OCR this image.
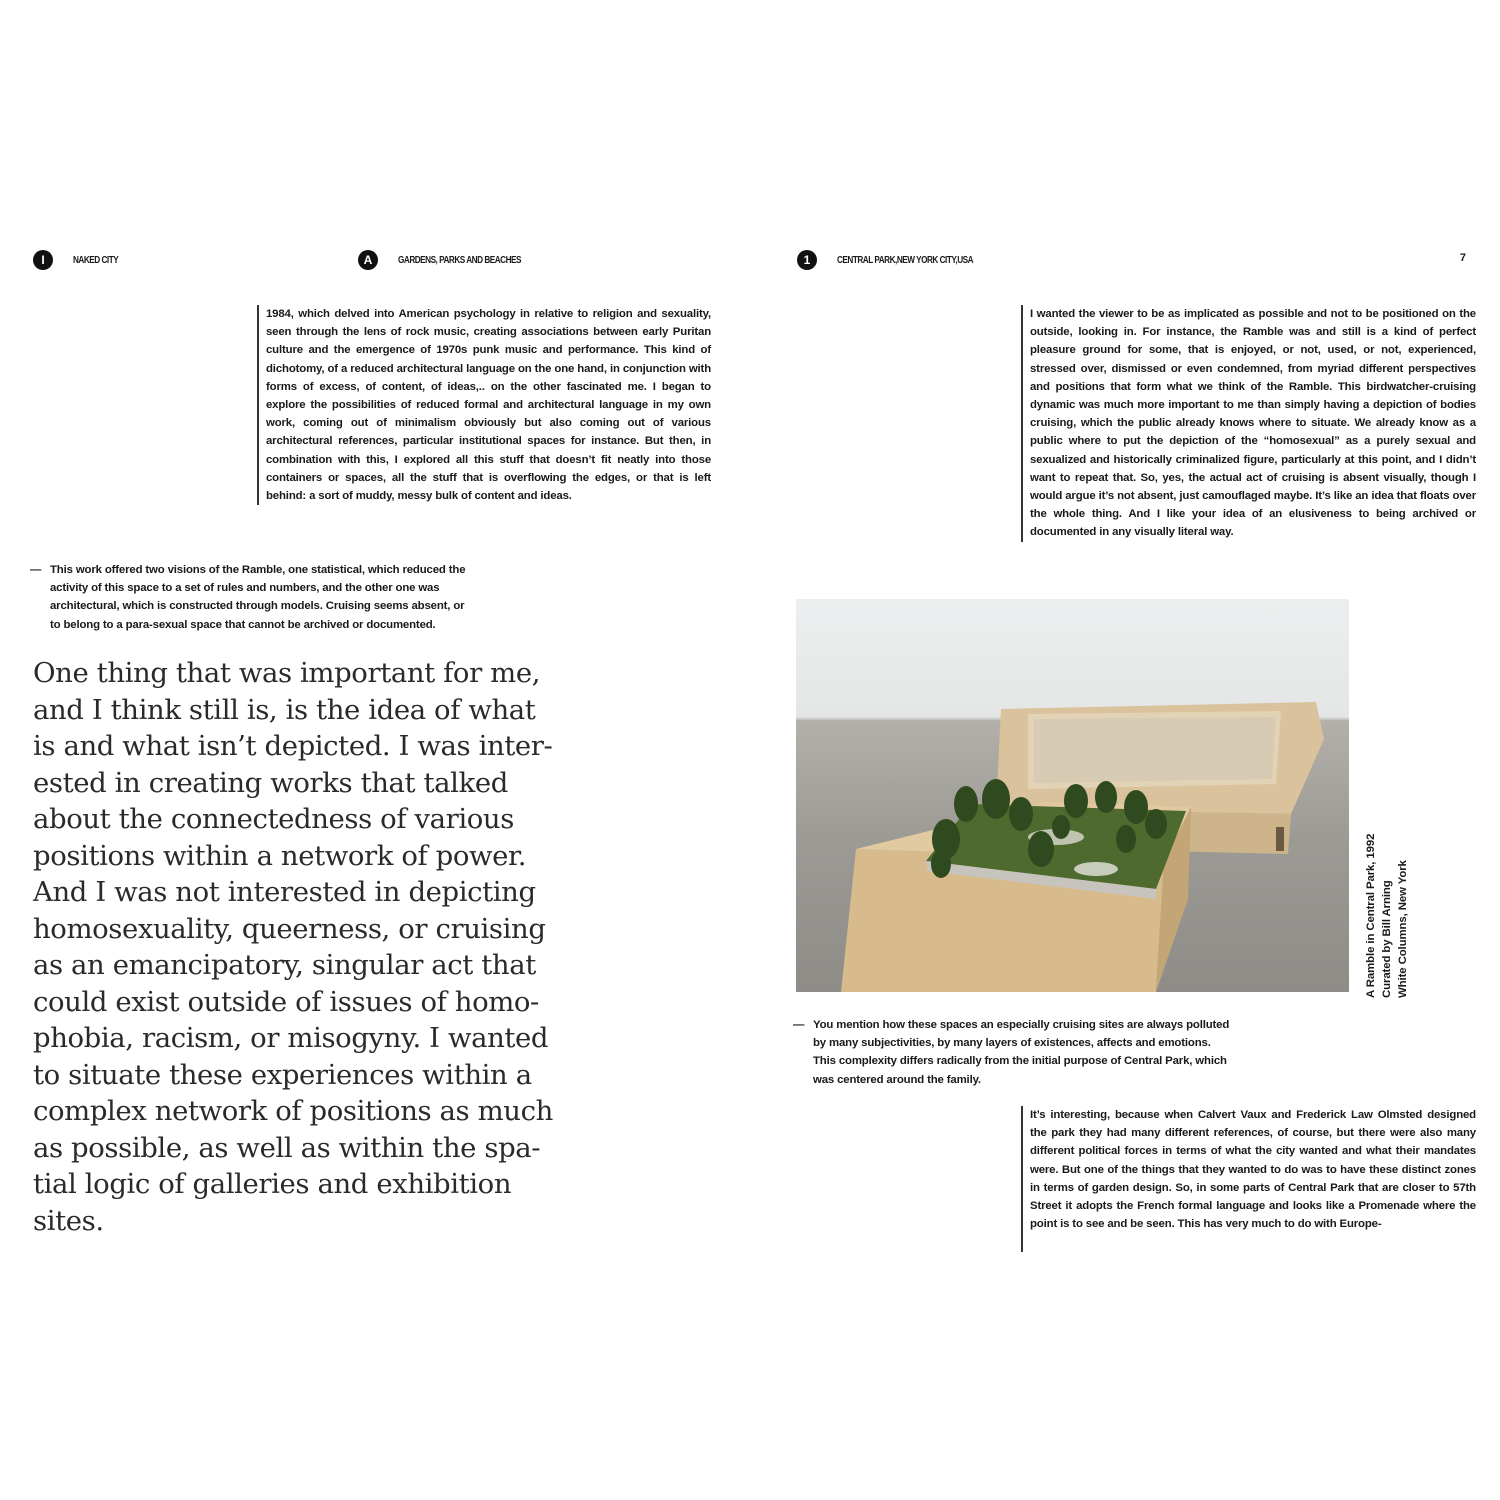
I	NAKED CITY	A	GARDENS, PARKS AND BEACHES	1	CENTRAL PARK,NEW YORK CITY,USA	7

1984, which delved into American psychology in relative to religion and sexuality, seen through the lens of rock music, creating associations between early Puritan culture and the emergence of 1970s punk music and performance. This kind of dichotomy, of a reduced architectural language on the one hand, in conjunction with forms of excess, of content, of ideas,.. on the other fascinated me. I began to explore the possibilities of reduced formal and architectural language in my own work, coming out of minimalism obviously but also coming out of various architectural references, particular institutional spaces for instance. But then, in combination with this, I explored all this stuff that doesn’t fit neatly into those containers or spaces, all the stuff that is overflowing the edges, or that is left behind: a sort of muddy, messy bulk of content and ideas.

— This work offered two visions of the Ramble, one statistical, which reduced the activity of this space to a set of rules and numbers, and the other one was architectural, which is constructed through models. Cruising seems absent, or to belong to a para-sexual space that cannot be archived or documented.
One thing that was important for me,
and I think still is, is the idea of what
is and what isn’t depicted. I was inter-
ested in creating works that talked
about the connectedness of various
positions within a network of power.
And I was not interested in depicting
homosexuality, queerness, or cruising
as an emancipatory, singular act that
could exist outside of issues of homo-
phobia, racism, or misogyny. I wanted
to situate these experiences within a
complex network of positions as much
as possible, as well as within the spa-
tial logic of galleries and exhibition
sites.

I wanted the viewer to be as implicated as possible and not to be positioned on the outside, looking in. For instance, the Ramble was and still is a kind of perfect pleasure ground for some, that is enjoyed, or not, used, or not, experienced, stressed over, dismissed or even condemned, from myriad different perspectives and positions that form what we think of the Ramble. This birdwatcher-cruising dynamic was much more important to me than simply having a depiction of bodies cruising, which the public already knows where to situate. We already know as a public where to put the depiction of the “homosexual” as a purely sexual and sexualized and historically criminalized figure, particularly at this point, and I didn’t want to repeat that. So, yes, the actual act of cruising is absent visually, though I would argue it’s not absent, just camouflaged maybe. It’s like an idea that floats over the whole thing. And I like your idea of an elusiveness to being archived or documented in any visually literal way.

A Ramble in Central Park, 1992 Curated by Bill Arning White Columns, New York
— You mention how these spaces an especially cruising sites are always polluted by many subjectivities, by many layers of existences, affects and emotions. This complexity differs radically from the initial purpose of Central Park, which was centered around the family.

It’s interesting, because when Calvert Vaux and Frederick Law Olmsted designed the park they had many different references, of course, but there were also many different political forces in terms of what the city wanted and what their mandates were. But one of the things that they wanted to do was to have these distinct zones in terms of garden design. So, in some parts of Central Park that are closer to 57th Street it adopts the French formal language and looks like a Promenade where the point is to see and be seen. This has very much to do with Europe-
